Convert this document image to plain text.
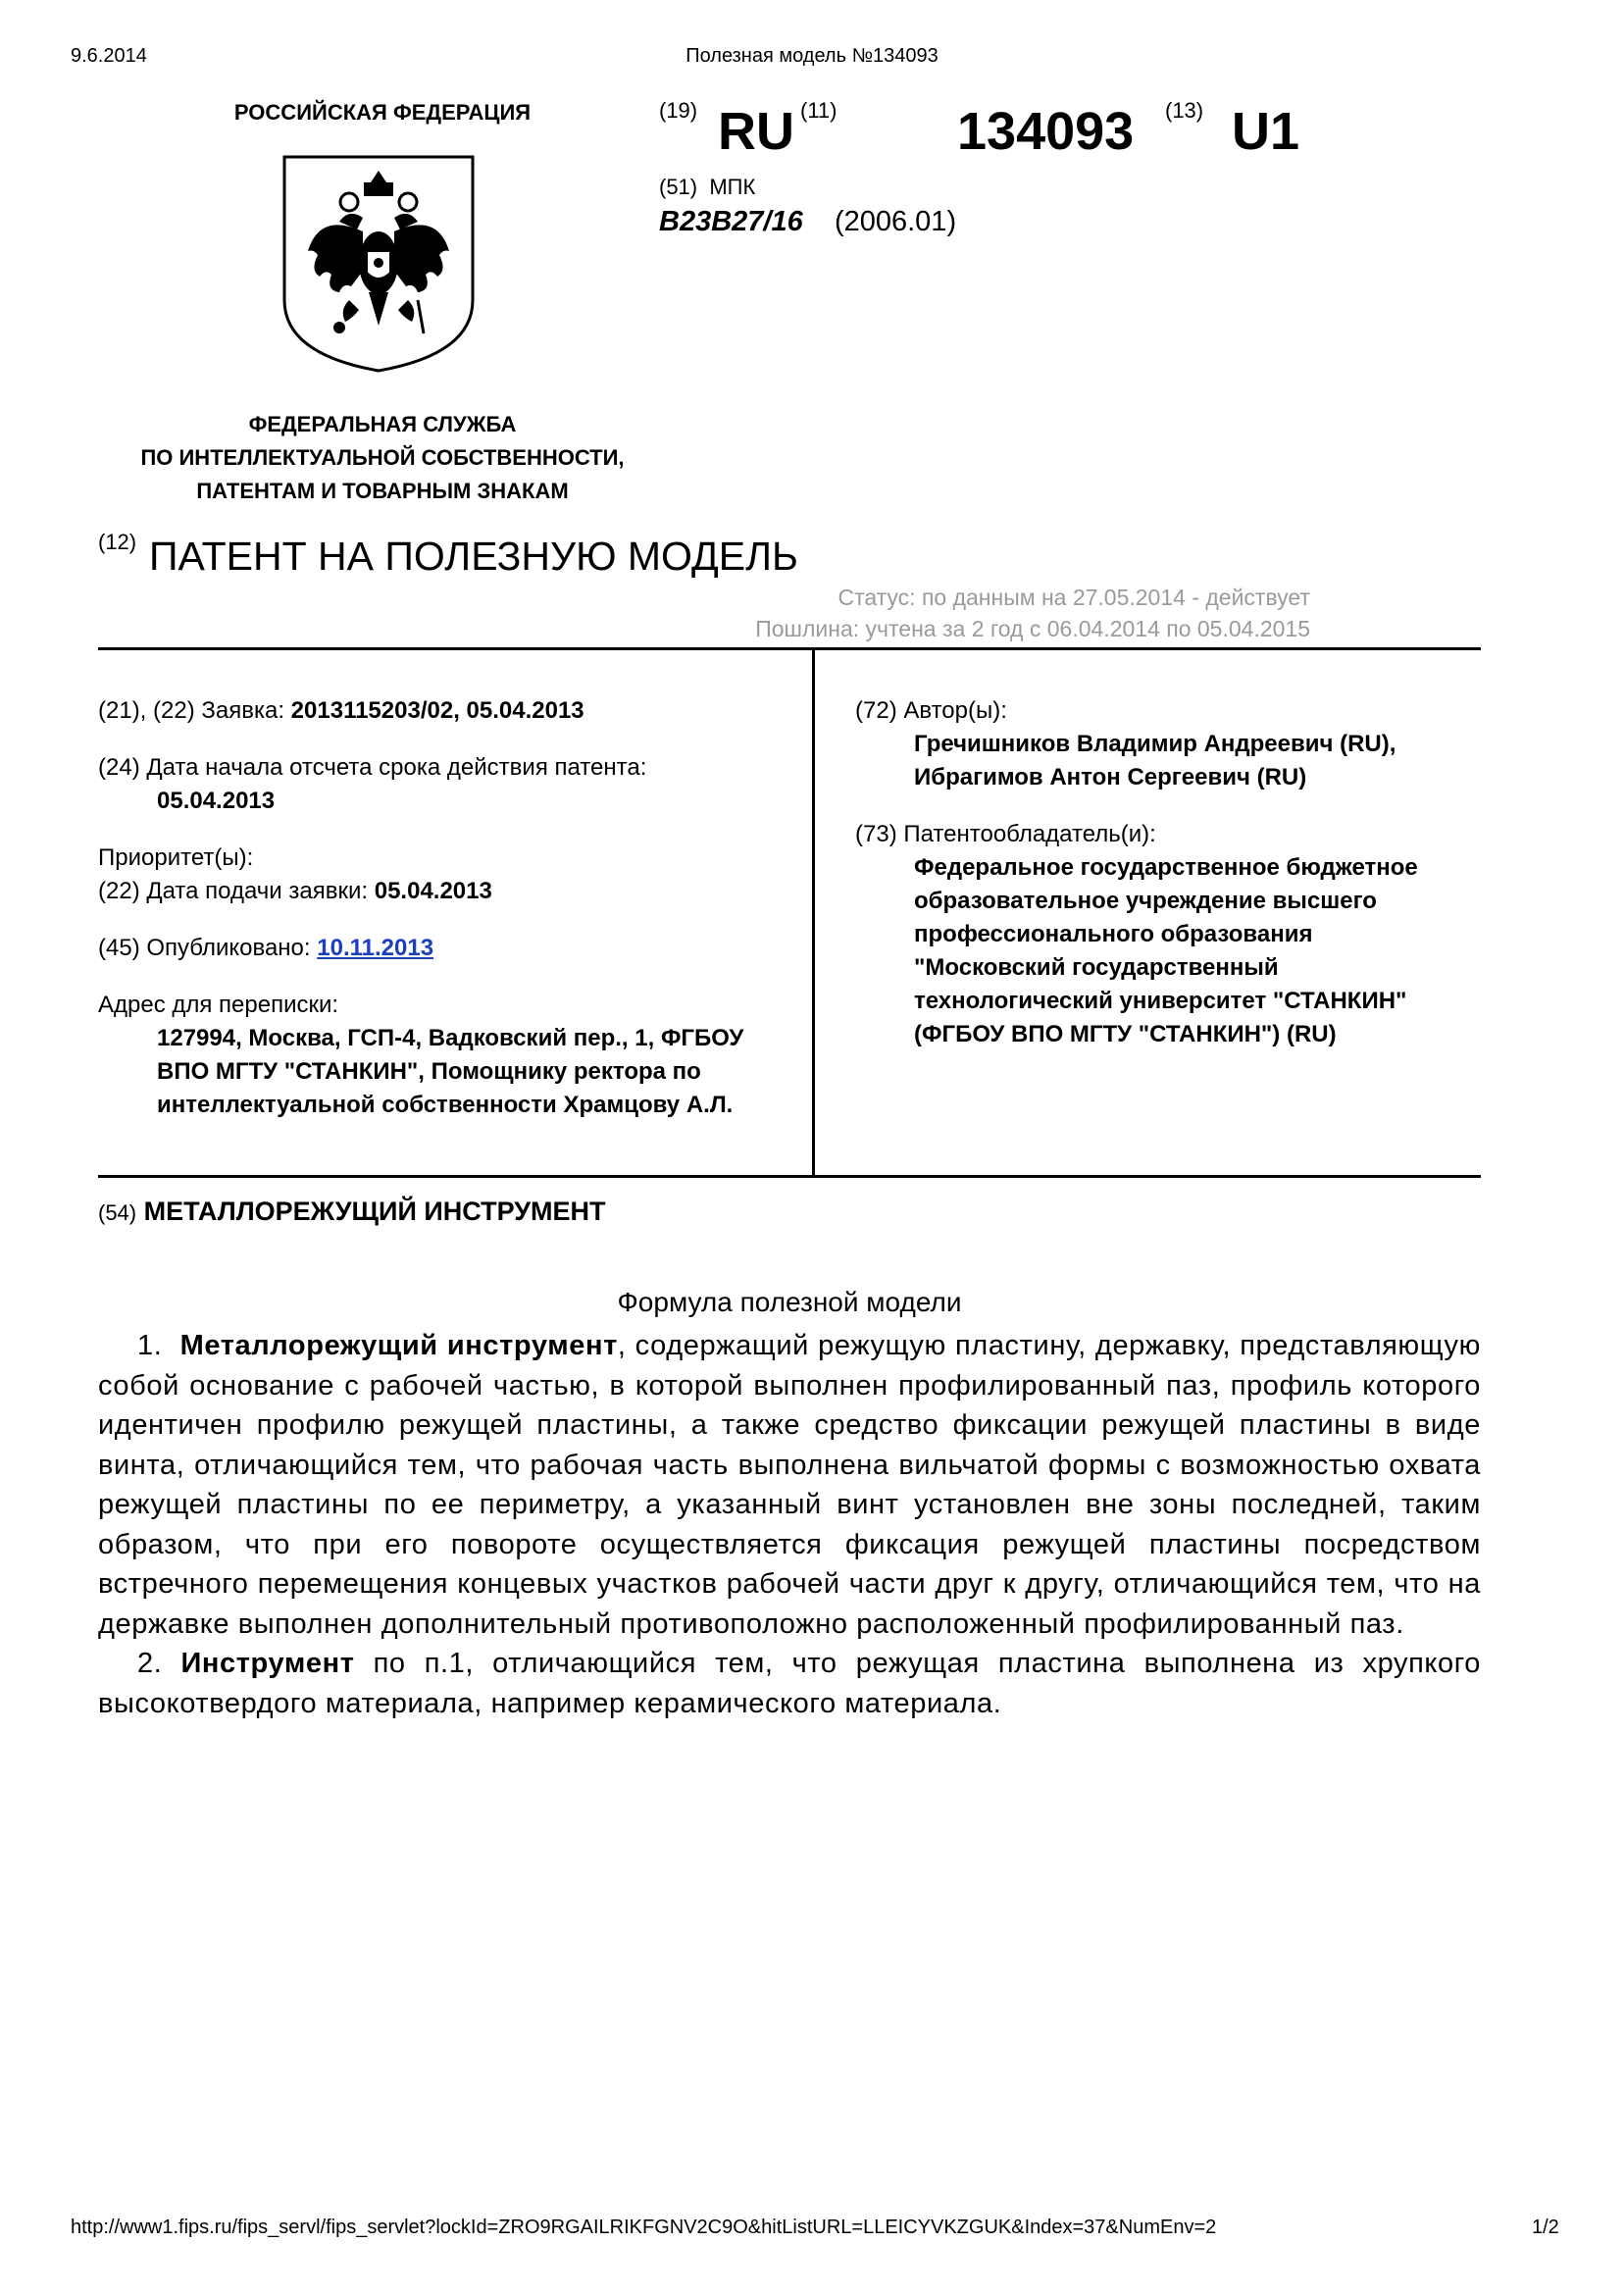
9.6.2014	Полезная модель №134093
РОССИЙСКАЯ ФЕДЕРАЦИЯ
ФЕДЕРАЛЬНАЯ СЛУЖБА
ПО ИНТЕЛЛЕКТУАЛЬНОЙ СОБСТВЕННОСТИ,
ПАТЕНТАМ И ТОВАРНЫМ ЗНАКАМ
(19) RU (11) 134093 (13) U1
(51) МПК
B23B27/16 (2006.01)
(12) ПАТЕНТ НА ПОЛЕЗНУЮ МОДЕЛЬ
Статус: по данным на 27.05.2014 - действует
Пошлина: учтена за 2 год с 06.04.2014 по 05.04.2015
(21), (22) Заявка: 2013115203/02, 05.04.2013
(24) Дата начала отсчета срока действия патента:
05.04.2013
Приоритет(ы):
(22) Дата подачи заявки: 05.04.2013
(45) Опубликовано: 10.11.2013
Адрес для переписки:
127994, Москва, ГСП-4, Вадковский пер., 1, ФГБОУ
ВПО МГТУ "СТАНКИН", Помощнику ректора по
интеллектуальной собственности Храмцову А.Л.
(72) Автор(ы):
Гречишников Владимир Андреевич (RU),
Ибрагимов Антон Сергеевич (RU)
(73) Патентообладатель(и):
Федеральное государственное бюджетное
образовательное учреждение высшего
профессионального образования
"Московский государственный
технологический университет "СТАНКИН"
(ФГБОУ ВПО МГТУ "СТАНКИН") (RU)
(54) МЕТАЛЛОРЕЖУЩИЙ ИНСТРУМЕНТ
Формула полезной модели

1. Металлорежущий инструмент, содержащий режущую пластину, державку, представляющую собой основание с рабочей частью, в которой выполнен профилированный паз, профиль которого идентичен профилю режущей пластины, а также средство фиксации режущей пластины в виде винта, отличающийся тем, что рабочая часть выполнена вильчатой формы с возможностью охвата режущей пластины по ее периметру, а указанный винт установлен вне зоны последней, таким образом, что при его повороте осуществляется фиксация режущей пластины посредством встречного перемещения концевых участков рабочей части друг к другу, отличающийся тем, что на державке выполнен дополнительный противоположно расположенный профилированный паз.

2. Инструмент по п.1, отличающийся тем, что режущая пластина выполнена из хрупкого высокотвердого материала, например керамического материала.

http://www1.fips.ru/fips_servl/fips_servlet?lockId=ZRO9RGAILRIKFGNV2C9O&hitListURL=LLEICYVKZGUK&Index=37&NumEnv=2	1/2
